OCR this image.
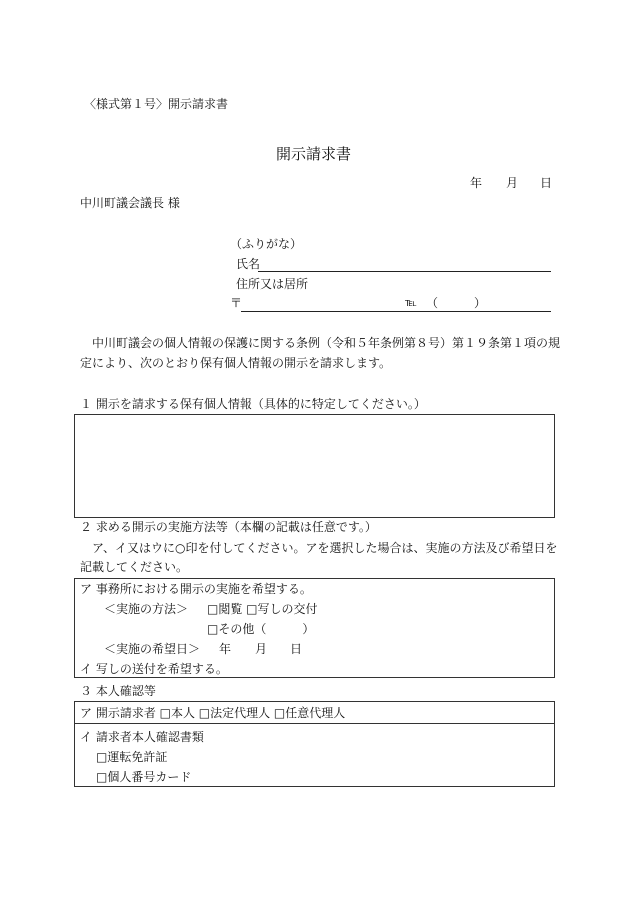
〈様式第１号〉開示請求書
開示請求書
年 月 日
中川町議会議長 様
（ふりがな）
氏名
住所又は居所
〒	℡ （　　　）
中川町議会の個人情報の保護に関する条例（令和５年条例第８号）第１９条第１項の規
定により、次のとおり保有個人情報の開示を請求します。
１ 開示を請求する保有個人情報（具体的に特定してください。）
２ 求める開示の実施方法等（本欄の記載は任意です。）
ア、イ又はウに○印を付してください。アを選択した場合は、実施の方法及び希望日を
記載してください。
ア 事務所における開示の実施を希望する。
＜実施の方法＞ □閲覧 □写しの交付
□その他（　　　）
＜実施の希望日＞ 年 月 日
イ 写しの送付を希望する。
３ 本人確認等
ア 開示請求者 □本人 □法定代理人 □任意代理人
イ 請求者本人確認書類
□運転免許証
□個人番号カード
